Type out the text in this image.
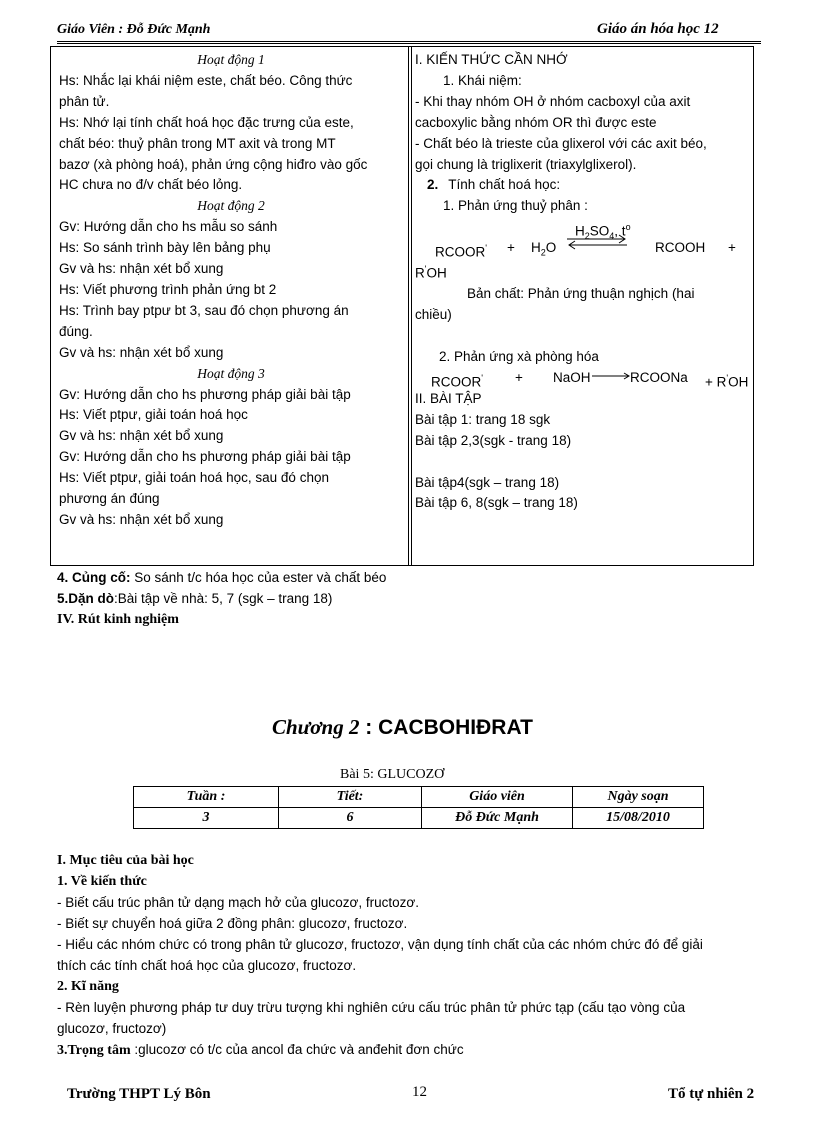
Giáo Viên : Đỗ Đức Mạnh	Giáo án hóa học 12
Hoạt động 1
Hs: Nhắc lại khái niệm este, chất béo. Công thức
phân tử.
Hs: Nhớ lại tính chất hoá học đặc trưng của este,
chất béo: thuỷ phân trong MT axit và trong MT
bazơ (xà phòng hoá), phản ứng cộng hiđro vào gốc
HC chưa no đ/v chất béo lỏng.
Hoạt động 2
Gv: Hướng dẫn cho hs mẫu so sánh
Hs: So sánh trình bày lên bảng phụ
Gv và hs: nhận xét bổ xung
Hs: Viết phương trình phản ứng bt 2
Hs: Trình bay ptpư bt 3, sau đó chọn phương án
đúng.
Gv và hs: nhận xét bổ xung
Hoạt động 3
Gv: Hướng dẫn cho hs phương pháp giải bài tập
Hs: Viết ptpư, giải toán hoá học
Gv và hs: nhận xét bổ xung
Gv: Hướng dẫn cho hs phương pháp giải bài tập
Hs: Viết ptpư, giải toán hoá học, sau đó chọn
phương án đúng
Gv và hs: nhận xét bổ xung
I. KIẾN THỨC CẦN NHỚ
1. Khái niệm:
- Khi thay nhóm OH ở nhóm cacboxyl của axit
cacboxylic bằng nhóm OR thì được este
- Chất béo là trieste của glixerol với các axit béo,
gọi chung là triglixerit (triaxylglixerol).
2. Tính chất hoá học:
1. Phản ứng thuỷ phân :
$H_2SO_4$, $t^o$
RCOOR' + $H_2O$	RCOOH +
R'OH
Bản chất: Phản ứng thuận nghịch (hai
chiều)
2. Phản ứng xà phòng hóa
RCOOR' + NaOH → RCOONa + R'OH
II. BÀI TẬP
Bài tập 1: trang 18 sgk
Bài tập 2,3(sgk - trang 18)
Bài tập4(sgk – trang 18)
Bài tập 6, 8(sgk – trang 18)
4. Củng cố: So sánh t/c hóa học của ester và chất béo
5.Dặn dò:Bài tập về nhà: 5, 7 (sgk – trang 18)
IV. Rút kinh nghiệm
Chương 2 : CACBOHIĐRAT
Bài 5: GLUCOZƠ
Tuần :	Tiết:	Giáo viên	Ngày soạn
3	6	Đỗ Đức Mạnh	15/08/2010
I. Mục tiêu của bài học
1. Về kiến thức
- Biết cấu trúc phân tử dạng mạch hở của glucozơ, fructozơ.
- Biết sự chuyển hoá giữa 2 đồng phân: glucozơ, fructozơ.
- Hiểu các nhóm chức có trong phân tử glucozơ, fructozơ, vận dụng tính chất của các nhóm chức đó để giải
thích các tính chất hoá học của glucozơ, fructozơ.
2. Kĩ năng
- Rèn luyện phương pháp tư duy trừu tượng khi nghiên cứu cấu trúc phân tử phức tạp (cấu tạo vòng của
glucozơ, fructozơ)
3.Trọng tâm :glucozơ có t/c của ancol đa chức và anđehit đơn chức
Trường THPT Lý Bôn	12	Tổ tự nhiên 2
